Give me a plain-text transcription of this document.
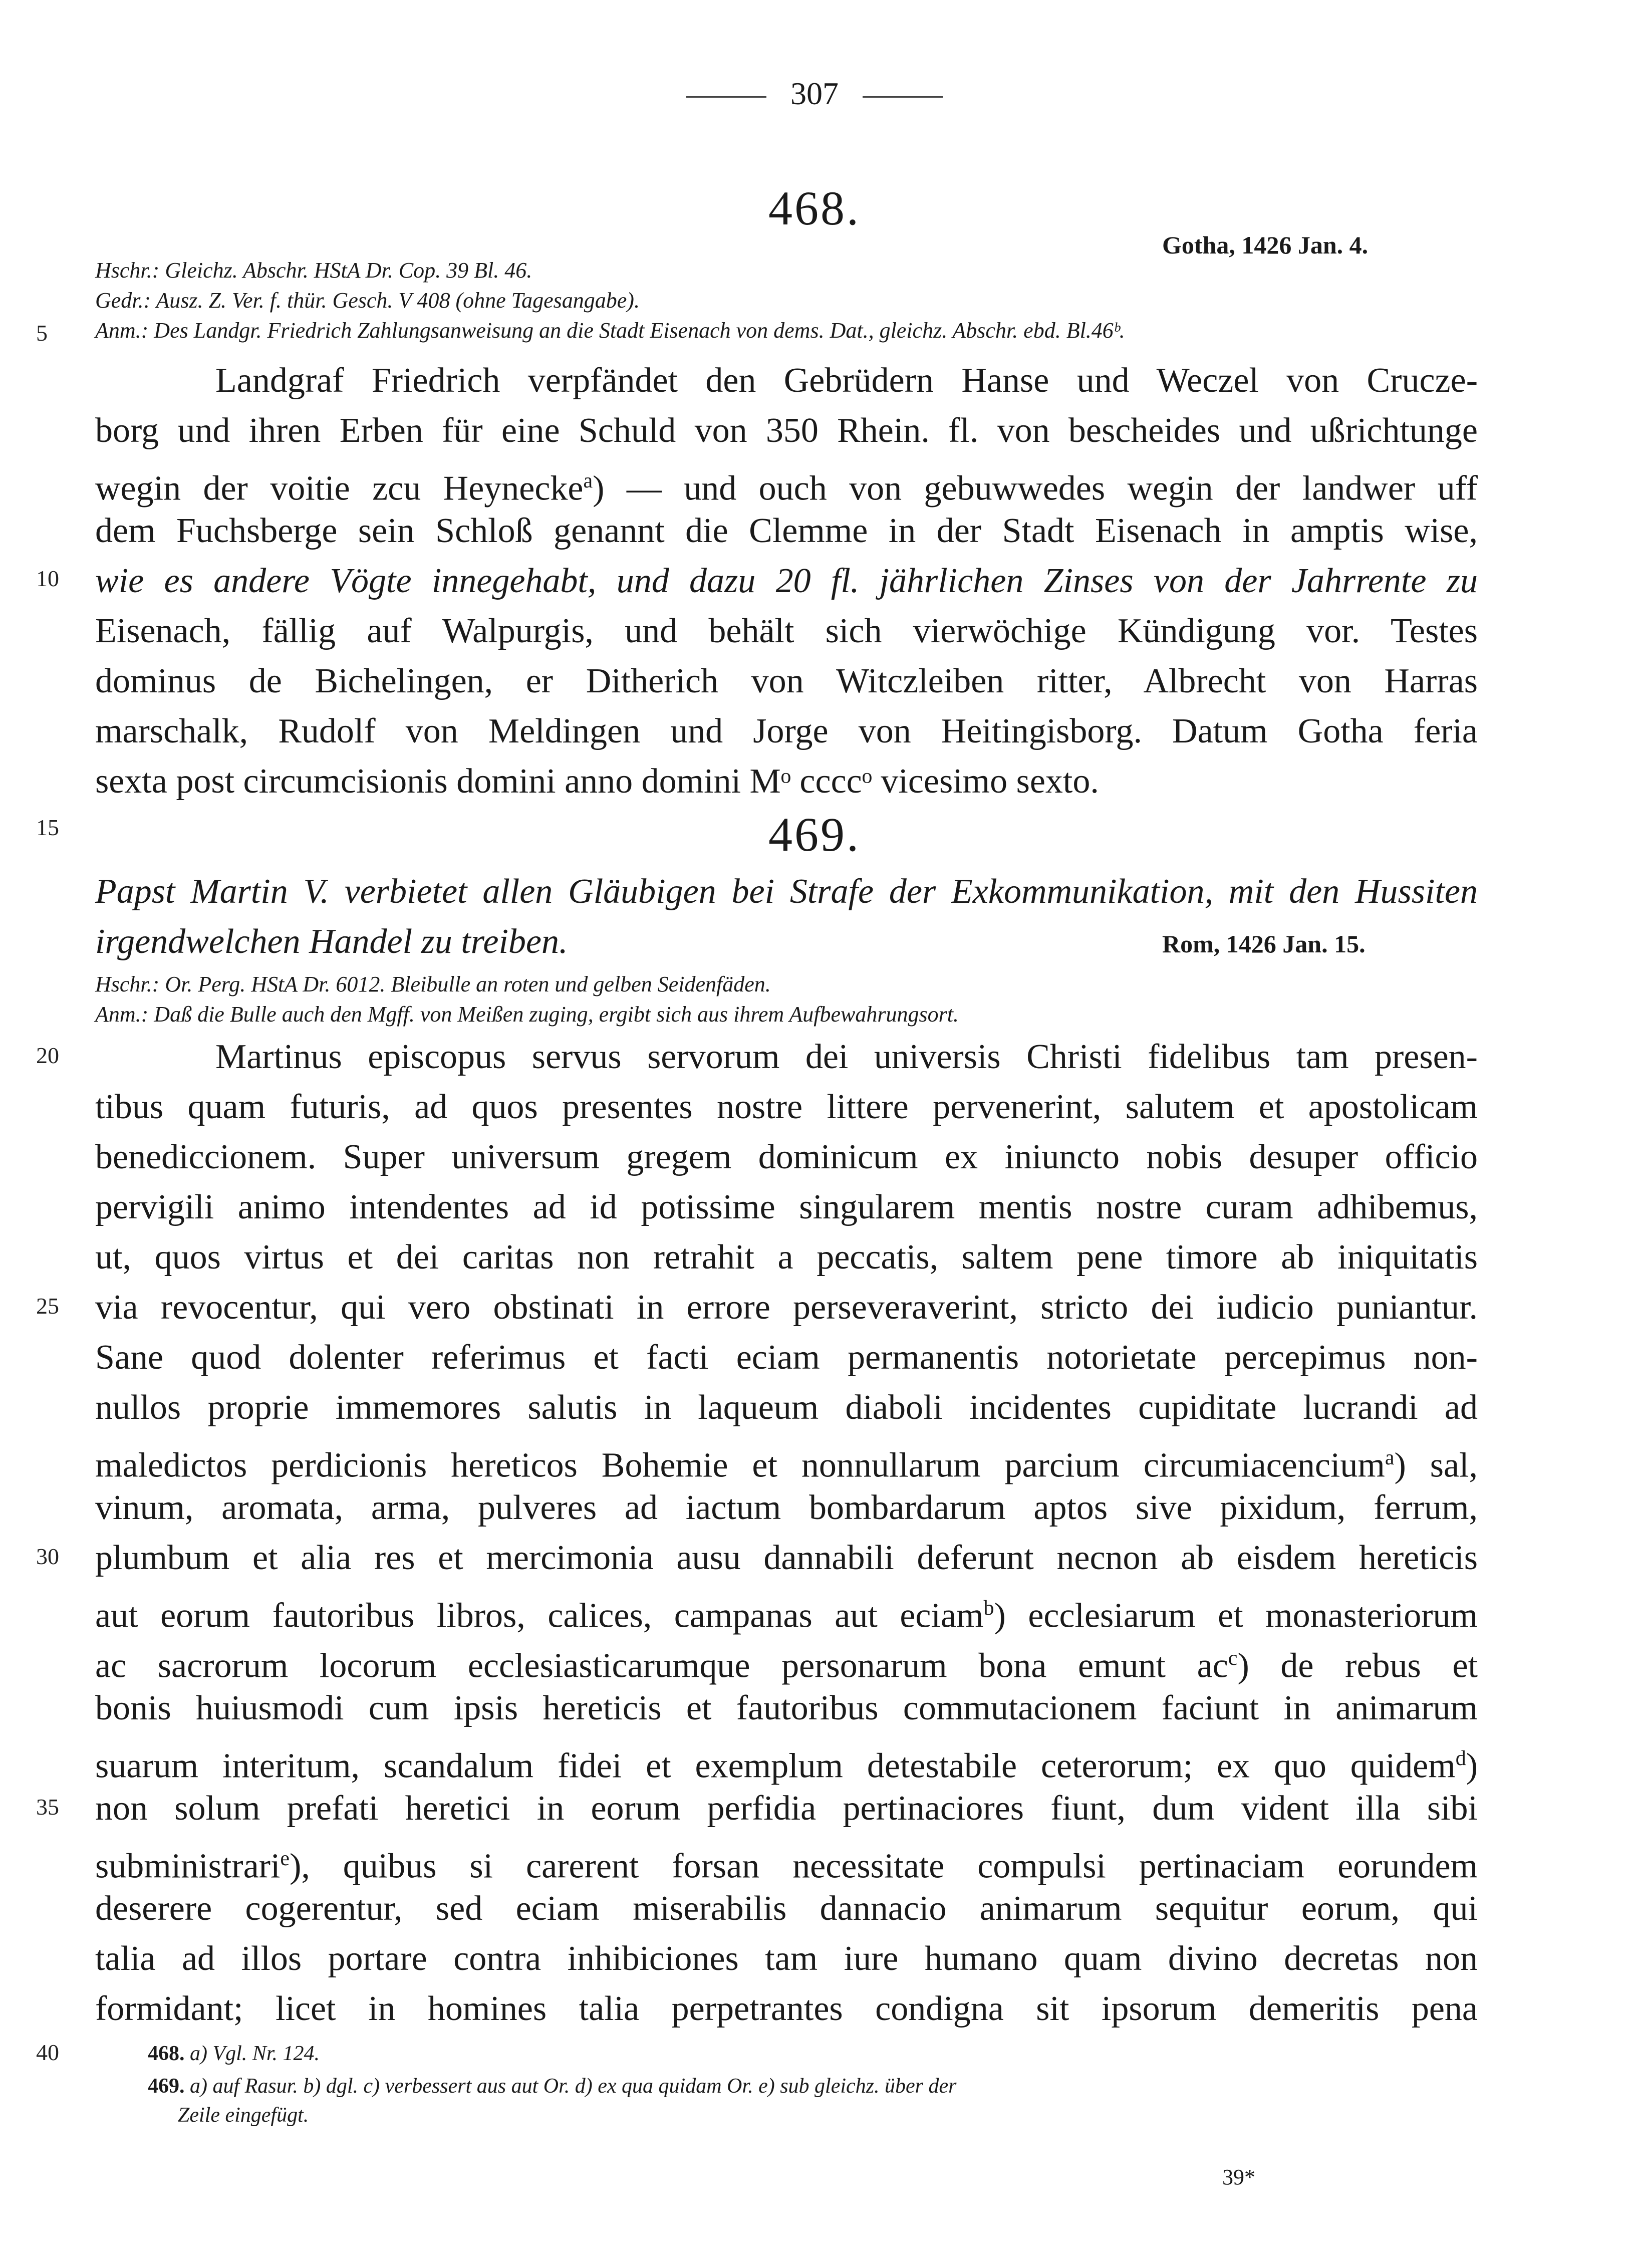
307
468.
Gotha, 1426 Jan. 4.
Hschr.: Gleichz. Abschr. HStA Dr. Cop. 39 Bl. 46.
Gedr.: Ausz. Z. Ver. f. thür. Gesch. V 408 (ohne Tagesangabe).
Anm.: Des Landgr. Friedrich Zahlungsanweisung an die Stadt Eisenach von dems. Dat., gleichz. Abschr. ebd. Bl.46ᵇ.
Landgraf Friedrich verpfändet den Gebrüdern Hanse und Weczel von Crucze-
borg und ihren Erben für eine Schuld von 350 Rhein. fl. von bescheides und ußrichtunge
wegin der voitie zcu Heynecke$^a$) — und ouch von gebuwwedes wegin der landwer uff
dem Fuchsberge sein Schloß genannt die Clemme in der Stadt Eisenach in amptis wise,
wie es andere Vögte innegehabt, und dazu 20 fl. jährlichen Zinses von der Jahrrente zu
Eisenach, fällig auf Walpurgis, und behält sich vierwöchige Kündigung vor. Testes
dominus de Bichelingen, er Ditherich von Witczleiben ritter, Albrecht von Harras
marschalk, Rudolf von Meldingen und Jorge von Heitingisborg. Datum Gotha feria
sexta post circumcisionis domini anno domini Mᵒ ccccᵒ vicesimo sexto.
469.
Papst Martin V. verbietet allen Gläubigen bei Strafe der Exkommunikation, mit den Hussiten
irgendwelchen Handel zu treiben.	Rom, 1426 Jan. 15.
Hschr.: Or. Perg. HStA Dr. 6012. Bleibulle an roten und gelben Seidenfäden.
Anm.: Daß die Bulle auch den Mgff. von Meißen zuging, ergibt sich aus ihrem Aufbewahrungsort.
Martinus episcopus servus servorum dei universis Christi fidelibus tam presen-
tibus quam futuris, ad quos presentes nostre littere pervenerint, salutem et apostolicam
benediccionem. Super universum gregem dominicum ex iniuncto nobis desuper officio
pervigili animo intendentes ad id potissime singularem mentis nostre curam adhibemus,
ut, quos virtus et dei caritas non retrahit a peccatis, saltem pene timore ab iniquitatis
via revocentur, qui vero obstinati in errore perseveraverint, stricto dei iudicio puniantur.
Sane quod dolenter referimus et facti eciam permanentis notorietate percepimus non-
nullos proprie immemores salutis in laqueum diaboli incidentes cupiditate lucrandi ad
maledictos perdicionis hereticos Bohemie et nonnullarum parcium circumiacencium$^a$) sal,
vinum, aromata, arma, pulveres ad iactum bombardarum aptos sive pixidum, ferrum,
plumbum et alia res et mercimonia ausu dannabili deferunt necnon ab eisdem hereticis
aut eorum fautoribus libros, calices, campanas aut eciam$^b$) ecclesiarum et monasteriorum
ac sacrorum locorum ecclesiasticarumque personarum bona emunt $ac^c$) de rebus et
bonis huiusmodi cum ipsis hereticis et fautoribus commutacionem faciunt in animarum
suarum interitum, scandalum fidei et exemplum detestabile ceterorum; ex quo quidem$^d$)
non solum prefati heretici in eorum perfidia pertinaciores fiunt, dum vident illa sibi
subministrari$^e$), quibus si carerent forsan necessitate compulsi pertinaciam eorundem
deserere cogerentur, sed eciam miserabilis dannacio animarum sequitur eorum, qui
talia ad illos portare contra inhibiciones tam iure humano quam divino decretas non
formidant; licet in homines talia perpetrantes condigna sit ipsorum demeritis pena
5
10
15
20
25
30
35
40	468. a) Vgl. Nr. 124.
469. a) auf Rasur. b) dgl. c) verbessert aus aut Or. d) ex qua quidam Or. e) sub gleichz. über der
Zeile eingefügt.
39*
